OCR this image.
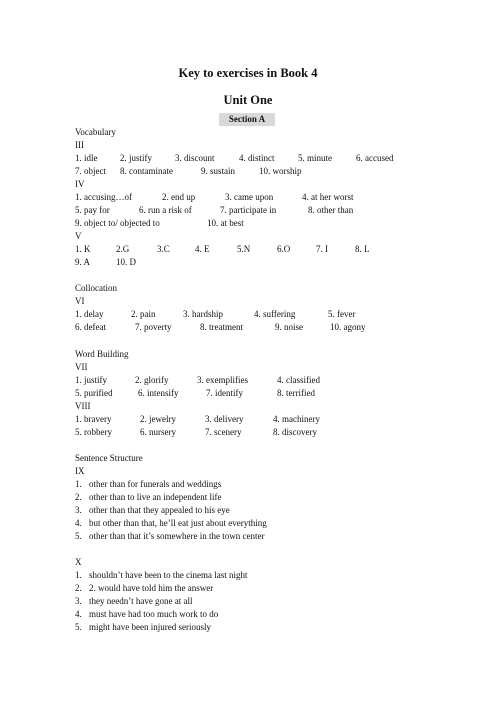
Key to exercises in Book 4
Unit One
Section A
Vocabulary
III
1. idle	2. justify	3. discount	4. distinct	5. minute	6. accused
7. object 8. contaminate	9. sustain	10. worship
IV
1. accusing…of	2. end up	3. came upon	4. at her worst
5. pay for	6. run a risk of	7. participate in	8. other than
9. object to/ objected to	10. at best
V
1. K	2.G	3.C	4. E	5.N	6.O	7. I	8. L
9. A	10. D
Collocation
VI
1. delay	2. pain	3. hardship	4. suffering	5. fever
6. defeat	7. poverty	8. treatment	9. noise	10. agony
Word Building
VII
1. justify	2. glorify	3. exemplifies	4. classified
5. purified	6. intensify	7. identify	8. terrified
VIII
1. bravery	2. jewelry	3. delivery	4. machinery
5. robbery	6. nursery	7. scenery	8. discovery
Sentence Structure
IX
1. other than for funerals and weddings
2. other than to live an independent life
3. other than that they appealed to his eye
4. but other than that, he’ll eat just about everything
5. other than that it’s somewhere in the town center
X
1. shouldn’t have been to the cinema last night
2. 2. would have told him the answer
3. they needn’t have gone at all
4. must have had too much work to do
5. might have been injured seriously
